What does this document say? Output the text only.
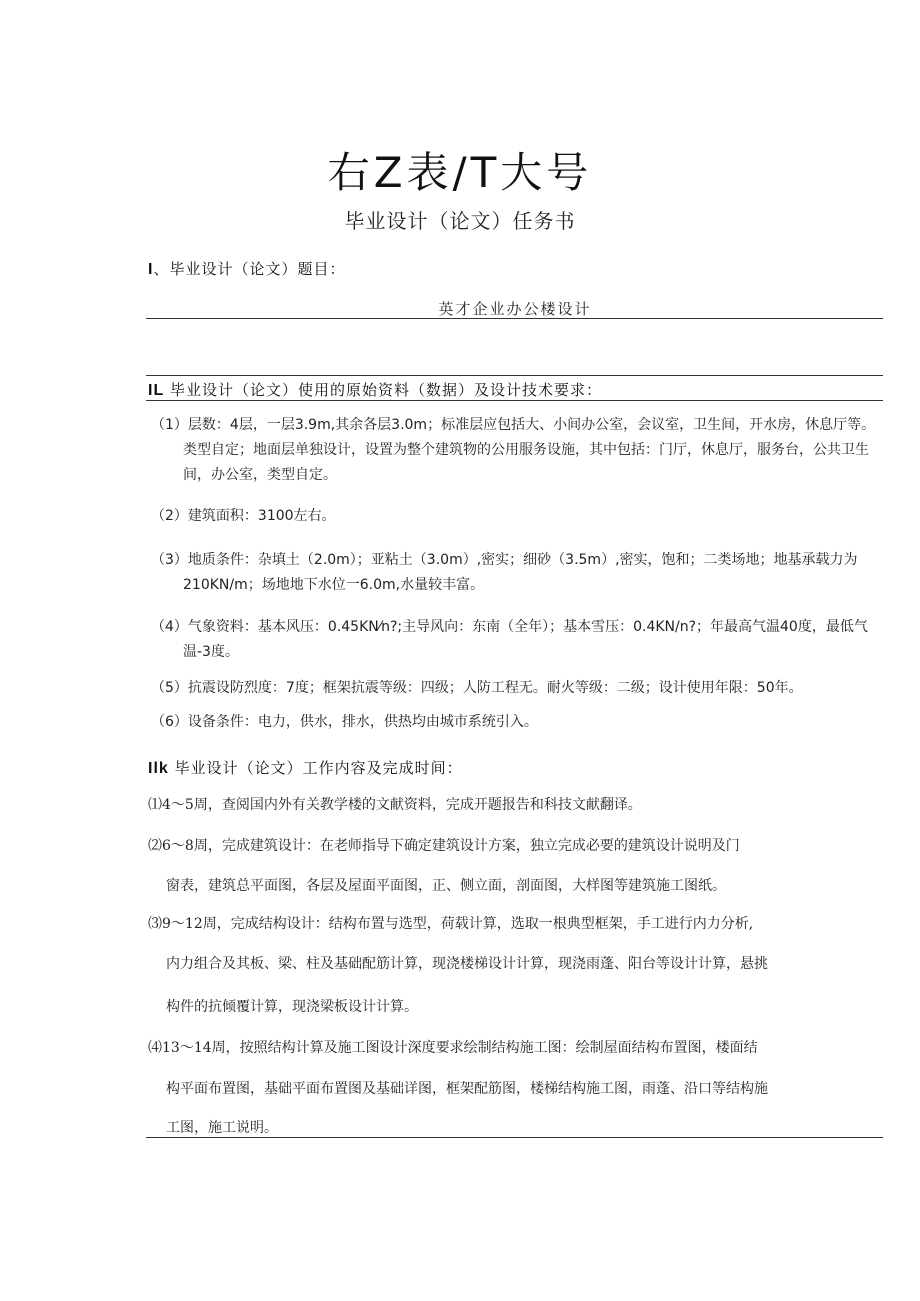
右Z表/T大号
毕业设计（论文）任务书
I、毕业设计（论文）题目：
英才企业办公楼设计
IL 毕业设计（论文）使用的原始资料（数据）及设计技术要求：
（1）层数：4层，一层3.9m,其余各层3.0m；标准层应包括大、小间办公室，会议室，卫生间，开水房，休息厅等。类型自定；地面层单独设计，设置为整个建筑物的公用服务设施，其中包括：门厅，休息厅，服务台，公共卫生间，办公室，类型自定。
（2）建筑面积：3100左右。
（3）地质条件：杂填土（2.0m）；亚粘土（3.0m）,密实；细砂（3.5m）,密实，饱和；二类场地；地基承载力为210KN/m；场地地下水位一6.0m,水量较丰富。
（4）气象资料：基本风压：0.45KN⁄n?;主导风向：东南（全年）；基本雪压：0.4KN/n?；年最高气温40度，最低气温-3度。
（5）抗震设防烈度：7度；框架抗震等级：四级；人防工程无。耐火等级：二级；设计使用年限：50年。
（6）设备条件：电力，供水，排水，供热均由城市系统引入。
Ilk 毕业设计（论文）工作内容及完成时间：
⑴4～5周，查阅国内外有关教学楼的文献资料，完成开题报告和科技文献翻译。
⑵6～8周，完成建筑设计：在老师指导下确定建筑设计方案，独立完成必要的建筑设计说明及门
窗表，建筑总平面图，各层及屋面平面图，正、侧立面，剖面图，大样图等建筑施工图纸。
⑶9～12周，完成结构设计：结构布置与选型，荷载计算，选取一根典型框架，手工进行内力分析,
内力组合及其板、梁、柱及基础配筋计算，现浇楼梯设计计算，现浇雨蓬、阳台等设计计算，悬挑
构件的抗倾覆计算，现浇梁板设计计算。
⑷13～14周，按照结构计算及施工图设计深度要求绘制结构施工图：绘制屋面结构布置图，楼面结
构平面布置图，基础平面布置图及基础详图，框架配筋图，楼梯结构施工图，雨蓬、沿口等结构施
工图，施工说明。
